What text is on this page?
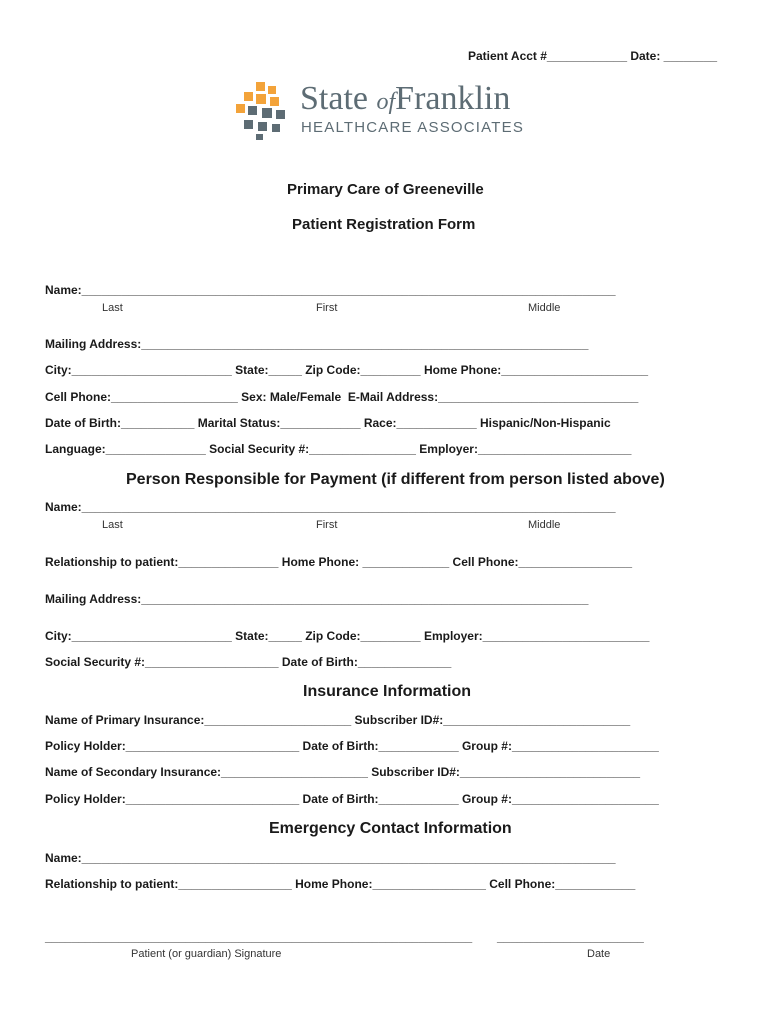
Patient Acct #____________ Date: ________
State ofFranklin
HEALTHCARE ASSOCIATES
Primary Care of Greeneville
Patient Registration Form
Name:________________________________________________________________________________
Last	First	Middle
Mailing Address:___________________________________________________________________
City:________________________ State:_____ Zip Code:_________ Home Phone:______________________
Cell Phone:___________________ Sex: Male/Female  E-Mail Address:______________________________
Date of Birth:___________ Marital Status:____________ Race:____________ Hispanic/Non-Hispanic
Language:_______________ Social Security #:________________ Employer:_______________________
Person Responsible for Payment (if different from person listed above)
Name:________________________________________________________________________________
Last	First	Middle
Relationship to patient:_______________ Home Phone: _____________ Cell Phone:_________________
Mailing Address:___________________________________________________________________
City:________________________ State:_____ Zip Code:_________ Employer:_________________________
Social Security #:____________________ Date of Birth:______________
Insurance Information
Name of Primary Insurance:______________________ Subscriber ID#:____________________________
Policy Holder:__________________________ Date of Birth:____________ Group #:______________________
Name of Secondary Insurance:______________________ Subscriber ID#:___________________________
Policy Holder:__________________________ Date of Birth:____________ Group #:______________________
Emergency Contact Information
Name:________________________________________________________________________________
Relationship to patient:_________________ Home Phone:_________________ Cell Phone:____________
________________________________________________________________ ______________________
Patient (or guardian) Signature	Date
